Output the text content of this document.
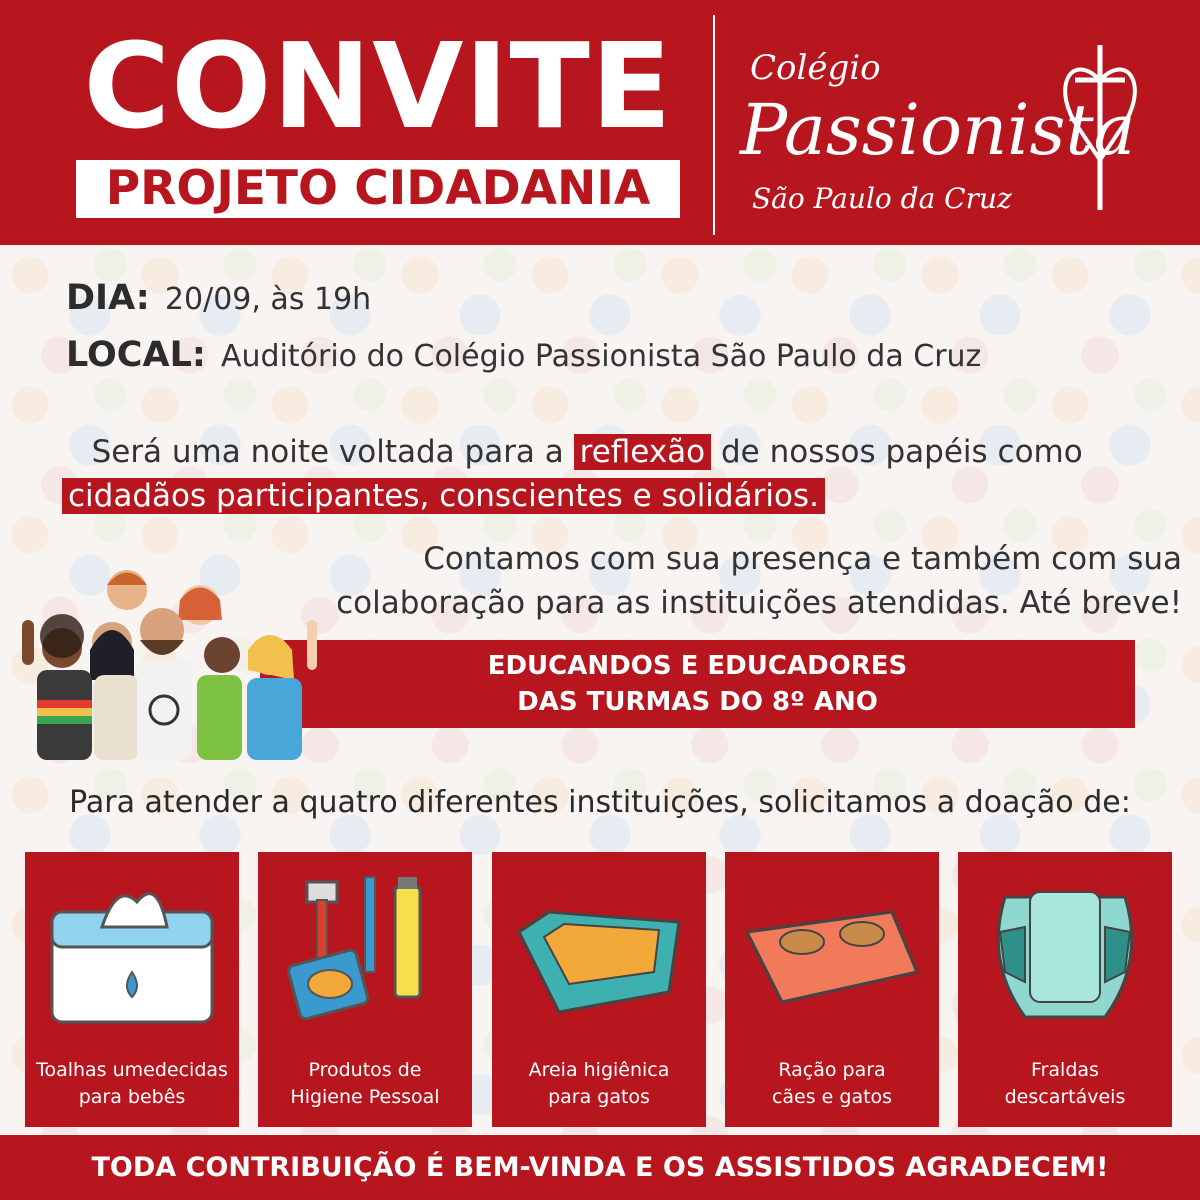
CONVITE
PROJETO CIDADANIA
Colégio
Passionista
São Paulo da Cruz
DIA: 20/09, às 19h
LOCAL: Auditório do Colégio Passionista São Paulo da Cruz
Será uma noite voltada para a reflexão de nossos papéis como
cidadãos participantes, conscientes e solidários.
Contamos com sua presença e também com sua
colaboração para as instituições atendidas. Até breve!
EDUCANDOS E EDUCADORES
DAS TURMAS DO 8º ANO
Para atender a quatro diferentes instituições, solicitamos a doação de:
Toalhas umedecidas
para bebês
Produtos de
Higiene Pessoal
Areia higiênica
para gatos
Ração para
cães e gatos
Fraldas
descartáveis
TODA CONTRIBUIÇÃO É BEM-VINDA E OS ASSISTIDOS AGRADECEM!
